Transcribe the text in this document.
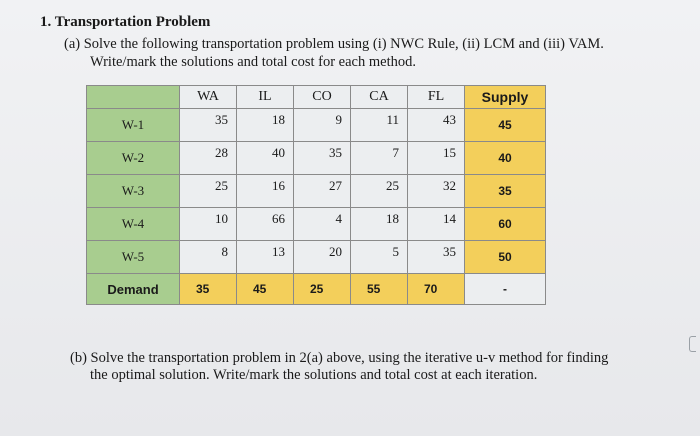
1. Transportation Problem
(a) Solve the following transportation problem using (i) NWC Rule, (ii) LCM and (iii) VAM.
Write/mark the solutions and total cost for each method.
	WA	IL	CO	CA	FL	Supply
W-1	35	18	9	11	43	45
W-2	28	40	35	7	15	40
W-3	25	16	27	25	32	35
W-4	10	66	4	18	14	60
W-5	8	13	20	5	35	50
Demand	35	45	25	55	70	-
(b) Solve the transportation problem in 2(a) above, using the iterative u-v method for finding
the optimal solution. Write/mark the solutions and total cost at each iteration.
